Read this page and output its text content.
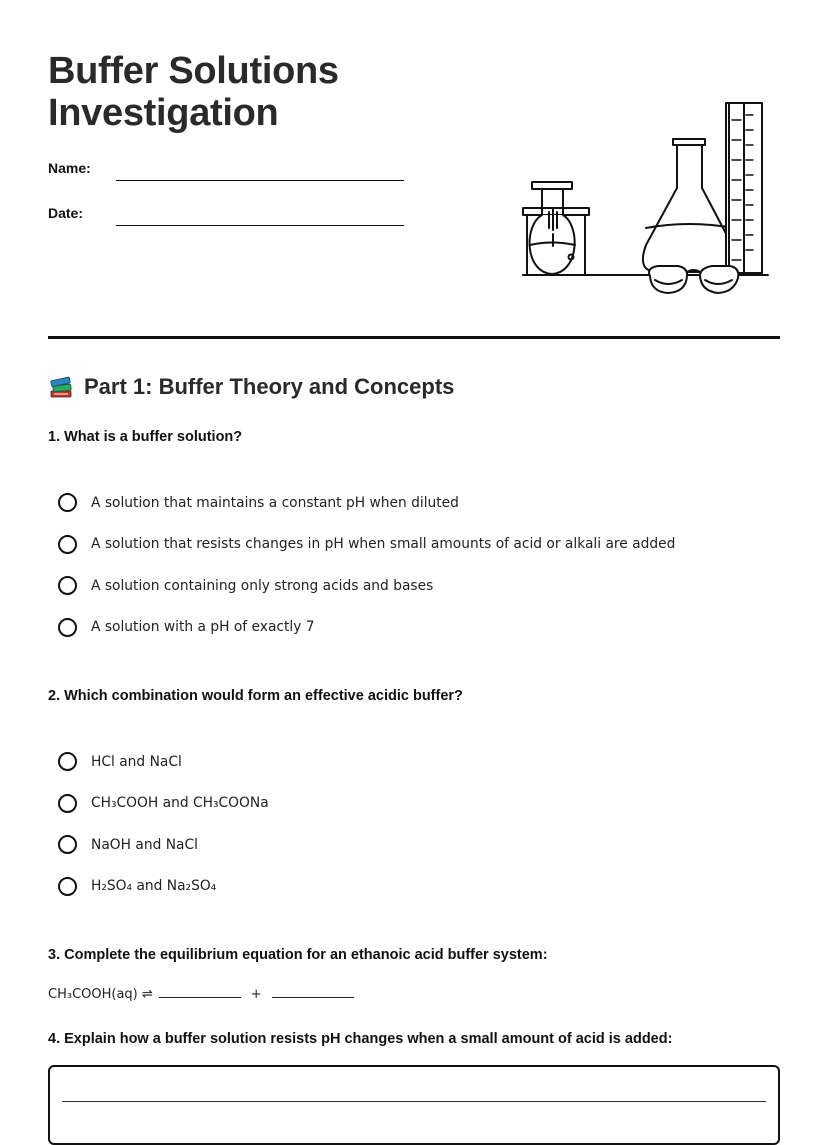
Buffer Solutions
Investigation
Name:
Date:
Part 1: Buffer Theory and Concepts
1. What is a buffer solution?
A solution that maintains a constant pH when diluted
A solution that resists changes in pH when small amounts of acid or alkali are added
A solution containing only strong acids and bases
A solution with a pH of exactly 7
2. Which combination would form an effective acidic buffer?
HCl and NaCl
CH₃COOH and CH₃COONa
NaOH and NaCl
H₂SO₄ and Na₂SO₄
3. Complete the equilibrium equation for an ethanoic acid buffer system:
CH₃COOH(aq) ⇌	+
4. Explain how a buffer solution resists pH changes when a small amount of acid is added:
